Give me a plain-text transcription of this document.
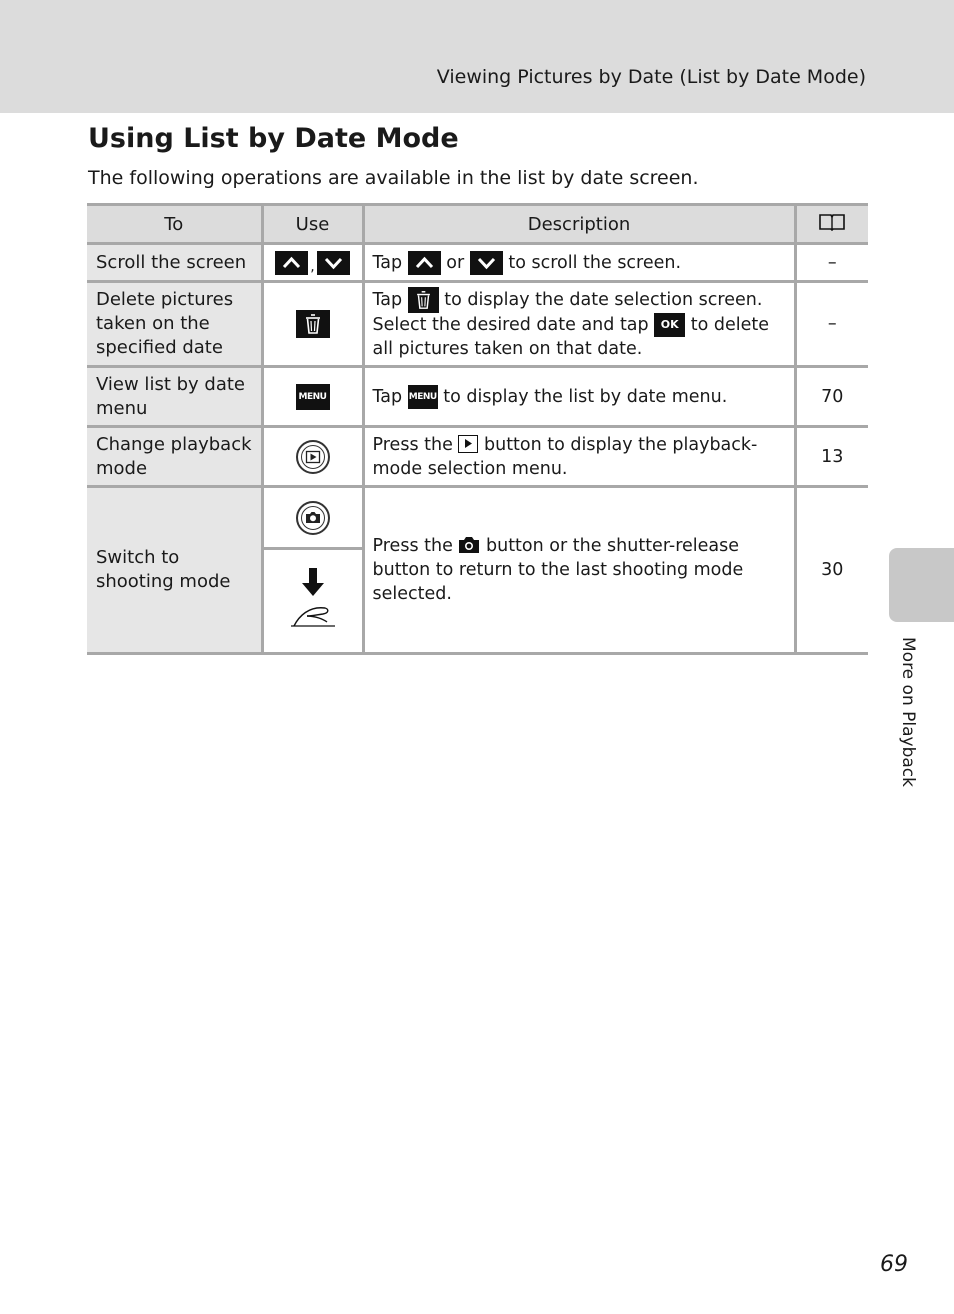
Viewing Pictures by Date (List by Date Mode)
Using List by Date Mode
The following operations are available in the list by date screen.
To	Use	Description	
Scroll the screen	,	Tap or to scroll the screen.	–
Delete pictures taken on the specified date		Tap to display the date selection screen. Select the desired date and tap OK to delete all pictures taken on that date.	–
View list by date menu	MENU	Tap MENU to display the list by date menu.	70
Change playback mode		Press the button to display the playback-mode selection menu.	13
Switch to shooting mode		Press the button or the shutter-release button to return to the last shooting mode selected.	30
More on Playback
69
